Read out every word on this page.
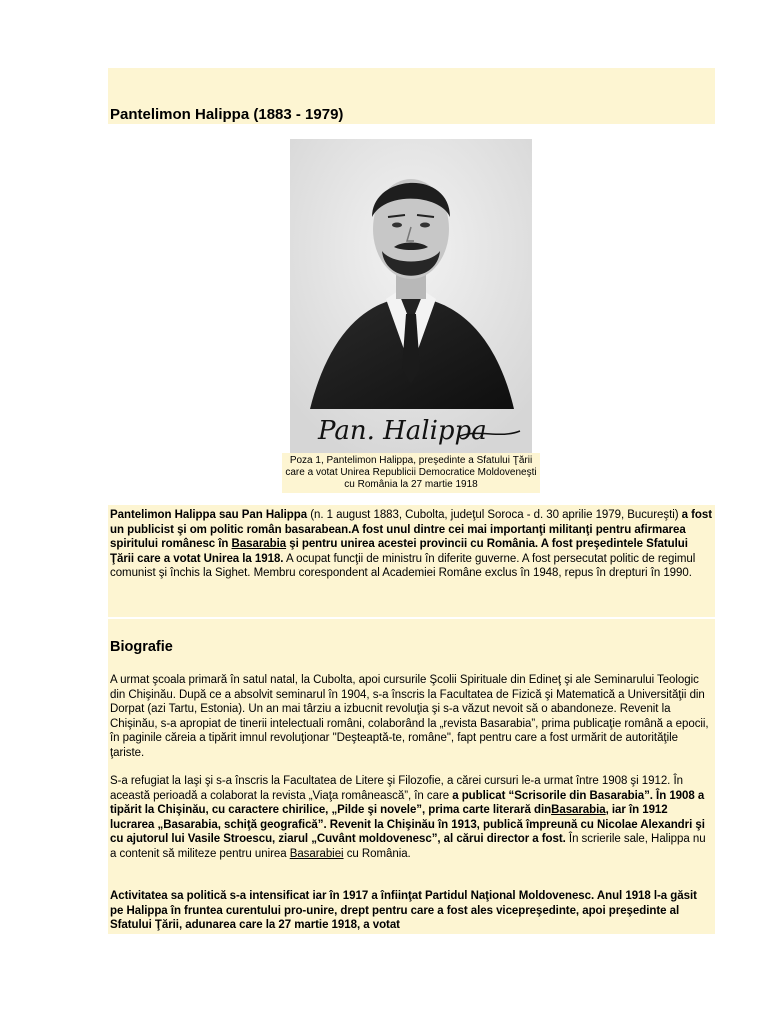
Pantelimon Halippa (1883 - 1979)
Pan. Halippa
Poza 1, Pantelimon Halippa, preşedinte a Sfatului Ţării care a votat Unirea Republicii Democratice Moldoveneşti cu România la 27 martie 1918

Pantelimon Halippa sau Pan Halippa (n. 1 august 1883, Cubolta, judeţul Soroca - d. 30 aprilie 1979, Bucureşti) a fost un publicist şi om politic român basarabean.A fost unul dintre cei mai importanţi militanţi pentru afirmarea spiritului românesc în Basarabia şi pentru unirea acestei provincii cu România. A fost preşedintele Sfatului Ţării care a votat Unirea la 1918. A ocupat funcţii de ministru în diferite guverne. A fost persecutat politic de regimul comunist şi închis la Sighet. Membru corespondent al Academiei Române exclus în 1948, repus în drepturi în 1990.

Biografie

A urmat şcoala primară în satul natal, la Cubolta, apoi cursurile Şcolii Spirituale din Edineţ şi ale Seminarului Teologic din Chişinău. După ce a absolvit seminarul în 1904, s-a înscris la Facultatea de Fizică şi Matematică a Universităţii din Dorpat (azi Tartu, Estonia). Un an mai târziu a izbucnit revoluţia şi s-a văzut nevoit să o abandoneze. Revenit la Chişinău, s-a apropiat de tinerii intelectuali români, colaborând la „revista Basarabia”, prima publicaţie română a epocii, în paginile căreia a tipărit imnul revoluţionar "Deşteaptă-te, române", fapt pentru care a fost urmărit de autorităţile ţariste.

S-a refugiat la Iaşi şi s-a înscris la Facultatea de Litere şi Filozofie, a cărei cursuri le-a urmat între 1908 şi 1912. În această perioadă a colaborat la revista „Viaţa românească”, în care a publicat “Scrisorile din Basarabia”. În 1908 a tipărit la Chişinău, cu caractere chirilice, „Pilde şi novele”, prima carte literară dinBasarabia, iar în 1912 lucrarea „Basarabia, schiţă geografică”. Revenit la Chişinău în 1913, publică împreună cu Nicolae Alexandri şi cu ajutorul lui Vasile Stroescu, ziarul „Cuvânt moldovenesc”, al cărui director a fost. În scrierile sale, Halippa nu a contenit să militeze pentru unirea Basarabiei cu România.

Activitatea sa politică s-a intensificat iar în 1917 a înfiinţat Partidul Naţional Moldovenesc. Anul 1918 l-a găsit pe Halippa în fruntea curentului pro-unire, drept pentru care a fost ales vicepreşedinte, apoi preşedinte al Sfatului Ţării, adunarea care la 27 martie 1918, a votat
